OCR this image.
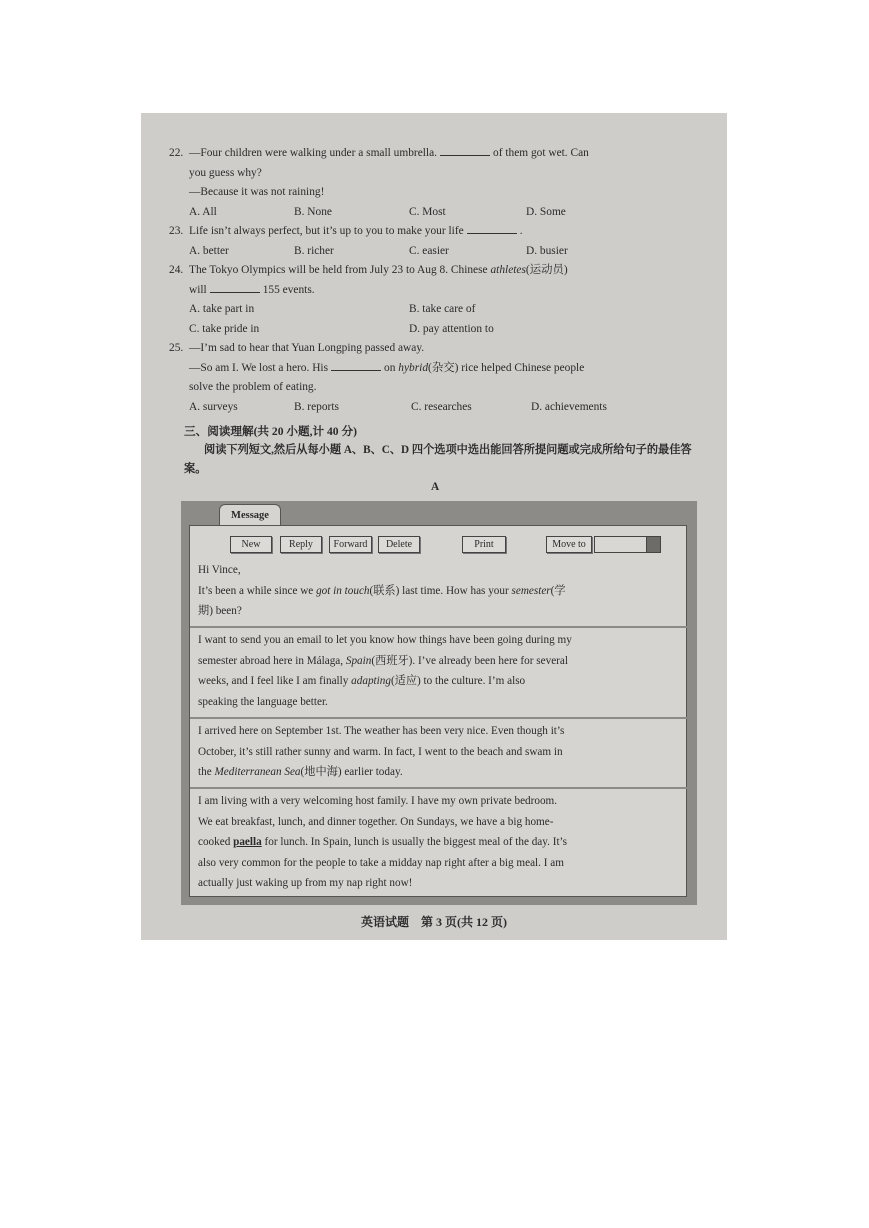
22. —Four children were walking under a small umbrella.	of them got wet. Can
you guess why?
—Because it was not raining!
A. All	B. None	C. Most	D. Some
23. Life isn’t always perfect, but it’s up to you to make your life	.
A. better	B. richer	C. easier	D. busier
24. The Tokyo Olympics will be held from July 23 to Aug 8. Chinese athletes(运动员)
will	155 events.
A. take part in	B. take care of
C. take pride in	D. pay attention to
25. —I’m sad to hear that Yuan Longping passed away.
—So am I. We lost a hero. His	on hybrid(杂交) rice helped Chinese people
solve the problem of eating.
A. surveys	B. reports	C. researches	D. achievements
三、阅读理解(共 20 小题,计 40 分)
阅读下列短文,然后从每小题 A、B、C、D 四个选项中选出能回答所提问题或完成所给句子的最佳答案。
A
Message
New	Reply	Forward	Delete	Print	Move to
Hi Vince,
It’s been a while since we got in touch(联系) last time. How has your semester(学
期) been?
I want to send you an email to let you know how things have been going during my
semester abroad here in Málaga, Spain(西班牙). I’ve already been here for several
weeks, and I feel like I am finally adapting(适应) to the culture. I’m also
speaking the language better.
I arrived here on September 1st. The weather has been very nice. Even though it’s
October, it’s still rather sunny and warm. In fact, I went to the beach and swam in
the Mediterranean Sea(地中海) earlier today.
I am living with a very welcoming host family. I have my own private bedroom.
We eat breakfast, lunch, and dinner together. On Sundays, we have a big home-
cooked paella for lunch. In Spain, lunch is usually the biggest meal of the day. It’s
also very common for the people to take a midday nap right after a big meal. I am
actually just waking up from my nap right now!
英语试题　第 3 页(共 12 页)
